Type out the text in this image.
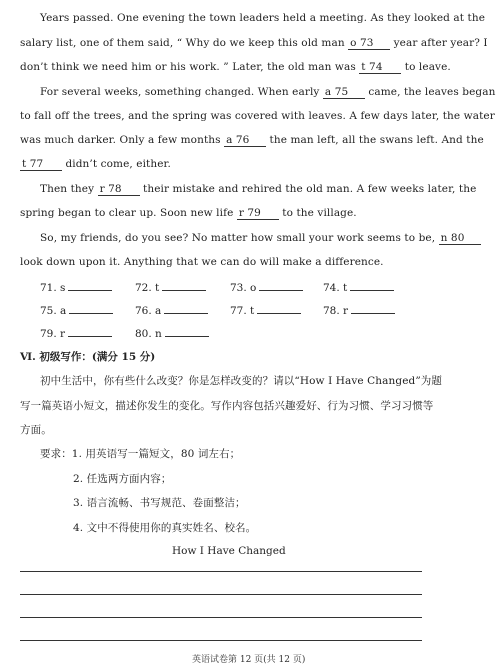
Years passed. One evening the town leaders held a meeting. As they looked at the
salary list, one of them said, “ Why do we keep this old man o 73 year after year? I
don’t think we need him or his work. ” Later, the old man was t 74 to leave.
For several weeks, something changed. When early a 75 came, the leaves began
to fall off the trees, and the spring was covered with leaves. A few days later, the water
was much darker. Only a few months a 76 the man left, all the swans left. And the
t 77 didn’t come, either.
Then they r 78 their mistake and rehired the old man. A few weeks later, the
spring began to clear up. Soon new life r 79 to the village.
So, my friends, do you see? No matter how small your work seems to be, n 80
look down upon it. Anything that we can do will make a difference.
71. s	72. t	73. o	74. t
75. a	76. a	77. t	78. r
79. r	80. n
Ⅵ. 初级写作：(满分 15 分)
初中生活中，你有些什么改变？你是怎样改变的？请以“How I Have Changed”为题
写一篇英语小短文，描述你发生的变化。写作内容包括兴趣爱好、行为习惯、学习习惯等
方面。
要求：1. 用英语写一篇短文，80 词左右；
2. 任选两方面内容；
3. 语言流畅、书写规范、卷面整洁；
4. 文中不得使用你的真实姓名、校名。
How I Have Changed
英语试卷第 12 页(共 12 页)
